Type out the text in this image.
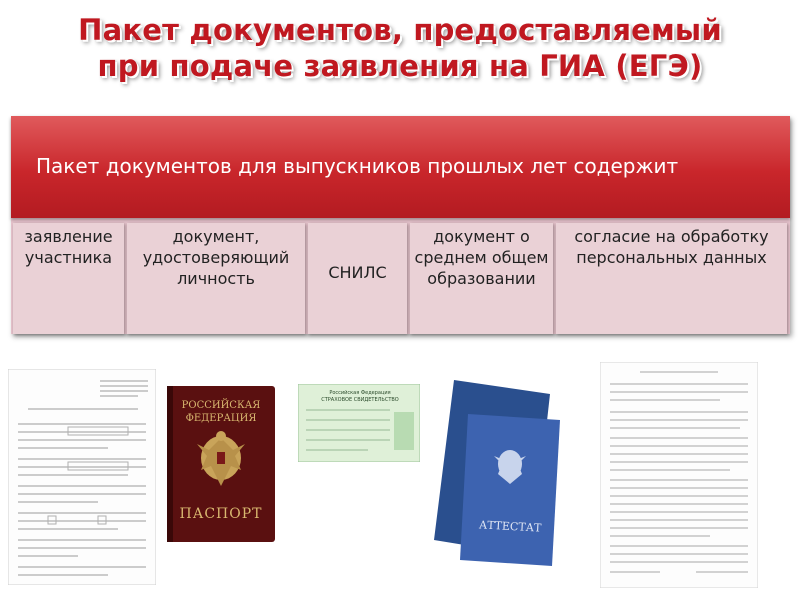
Пакет документов, предоставляемый
при подаче заявления на ГИА (ЕГЭ)
Пакет документов для выпускников прошлых лет содержит
заявление участника
документ, удостоверяющий личность	СНИЛС
документ о среднем общем образовании
согласие на обработку персональных данных
РОССИЙСКАЯ
ФЕДЕРАЦИЯ
ПАСПОРТ
Российская Федерация
СТРАХОВОЕ СВИДЕТЕЛЬСТВО
АТТЕСТАТ
